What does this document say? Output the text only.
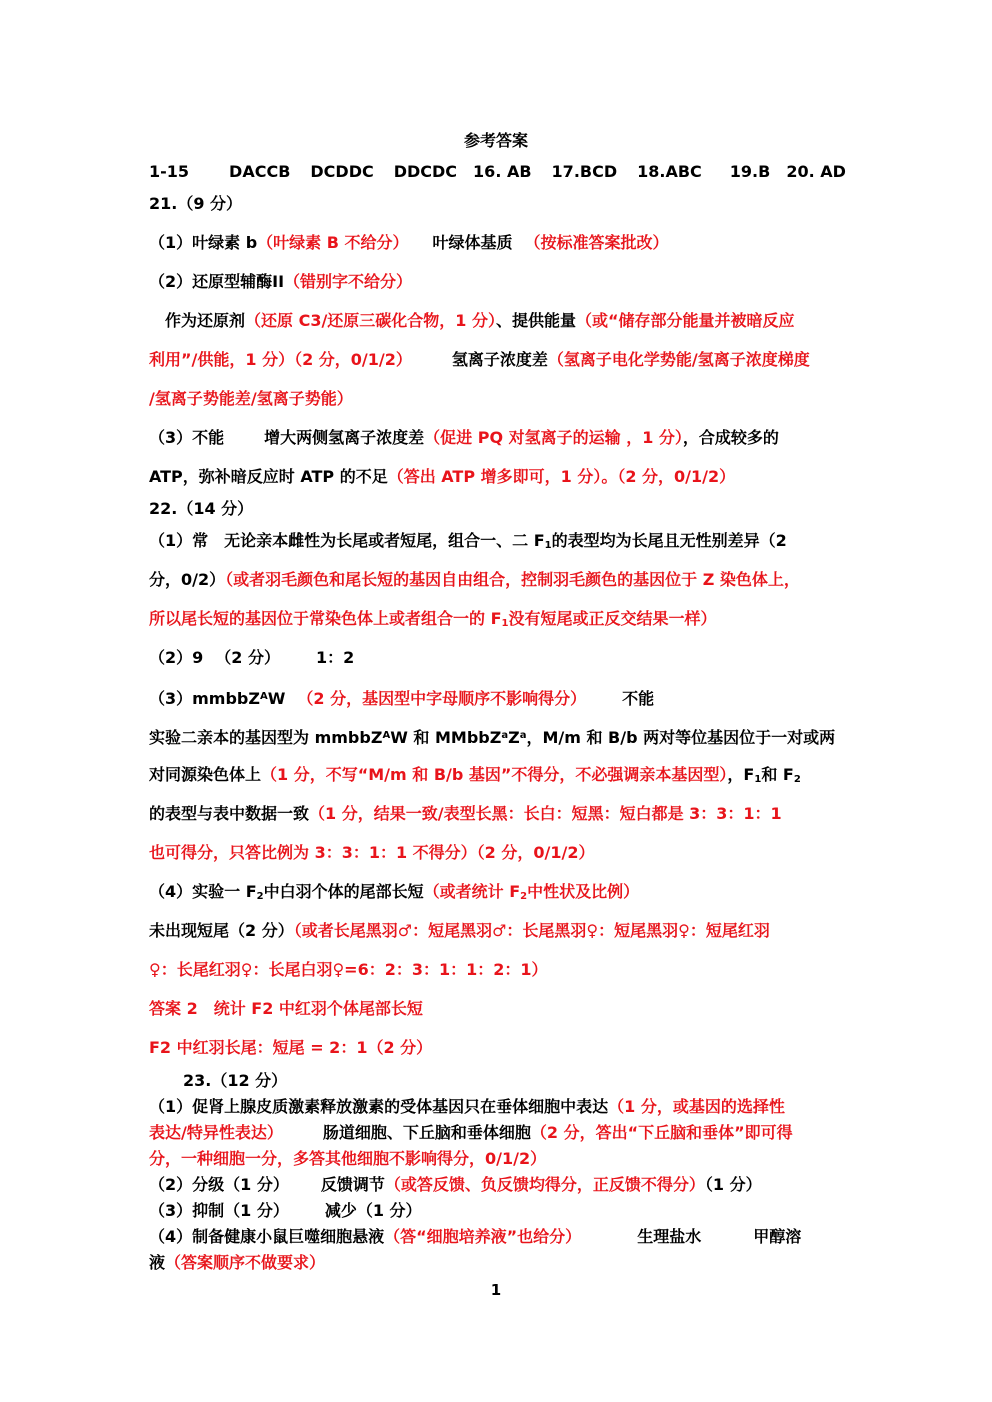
参考答案
1-15	DACCB DCDDC DDCDC 16. AB 17.BCD 18.ABC 19.B 20. AD
21.（9 分）
（1）叶绿素 b（叶绿素 B 不给分） 叶绿体基质 （按标准答案批改）
（2）还原型辅酶II（错别字不给分）
作为还原剂（还原 C3/还原三碳化合物，1 分）、提供能量（或“储存部分能量并被暗反应
利用”/供能，1 分）（2 分，0/1/2）	氢离子浓度差（氢离子电化学势能/氢离子浓度梯度
/氢离子势能差/氢离子势能）
（3）不能	增大两侧氢离子浓度差（促进 PQ 对氢离子的运输 ，1 分），合成较多的
ATP，弥补暗反应时 ATP 的不足（答出 ATP 增多即可，1 分）。（2 分，0/1/2）
22.（14 分）
（1）常 无论亲本雌性为长尾或者短尾，组合一、二 $F_1$的表型均为长尾且无性别差异（2
分，0/2）（或者羽毛颜色和尾长短的基因自由组合，控制羽毛颜色的基因位于 Z 染色体上，
所以尾长短的基因位于常染色体上或者组合一的 $F_1$没有短尾或正反交结果一样）
（2）9 （2 分） 1：2
（3）mmbbZ$^A$W （2 分，基因型中字母顺序不影响得分） 不能
实验二亲本的基因型为 mmbbZ$^A$W 和 $MMbbZ^aZ^a$，M/m 和 B/b 两对等位基因位于一对或两
对同源染色体上（1 分，不写“M/m 和 B/b 基因”不得分，不必强调亲本基因型），$F_1$和 $F_2$
的表型与表中数据一致（1 分，结果一致/表型长黑：长白：短黑：短白都是 3：3：1：1
也可得分，只答比例为 3：3：1：1 不得分）（2 分，0/1/2）
（4）实验一 $F_2$中白羽个体的尾部长短（或者统计 $F_2$中性状及比例）
未出现短尾（2 分）（或者长尾黑羽♂：短尾黑羽♂：长尾黑羽♀：短尾黑羽♀：短尾红羽
♀：长尾红羽♀：长尾白羽♀=6：2：3：1：1：2：1）
答案 2　统计 F2 中红羽个体尾部长短
F2 中红羽长尾：短尾 = 2：1（2 分）
23.（12 分）
（1）促肾上腺皮质激素释放激素的受体基因只在垂体细胞中表达（1 分，或基因的选择性
表达/特异性表达）	肠道细胞、下丘脑和垂体细胞（2 分，答出“下丘脑和垂体”即可得
分，一种细胞一分，多答其他细胞不影响得分，0/1/2）
（2）分级（1 分） 反馈调节（或答反馈、负反馈均得分，正反馈不得分）（1 分）
（3）抑制（1 分） 减少（1 分）
（4）制备健康小鼠巨噬细胞悬液（答“细胞培养液”也给分）	生理盐水	甲醇溶
液（答案顺序不做要求）
1
